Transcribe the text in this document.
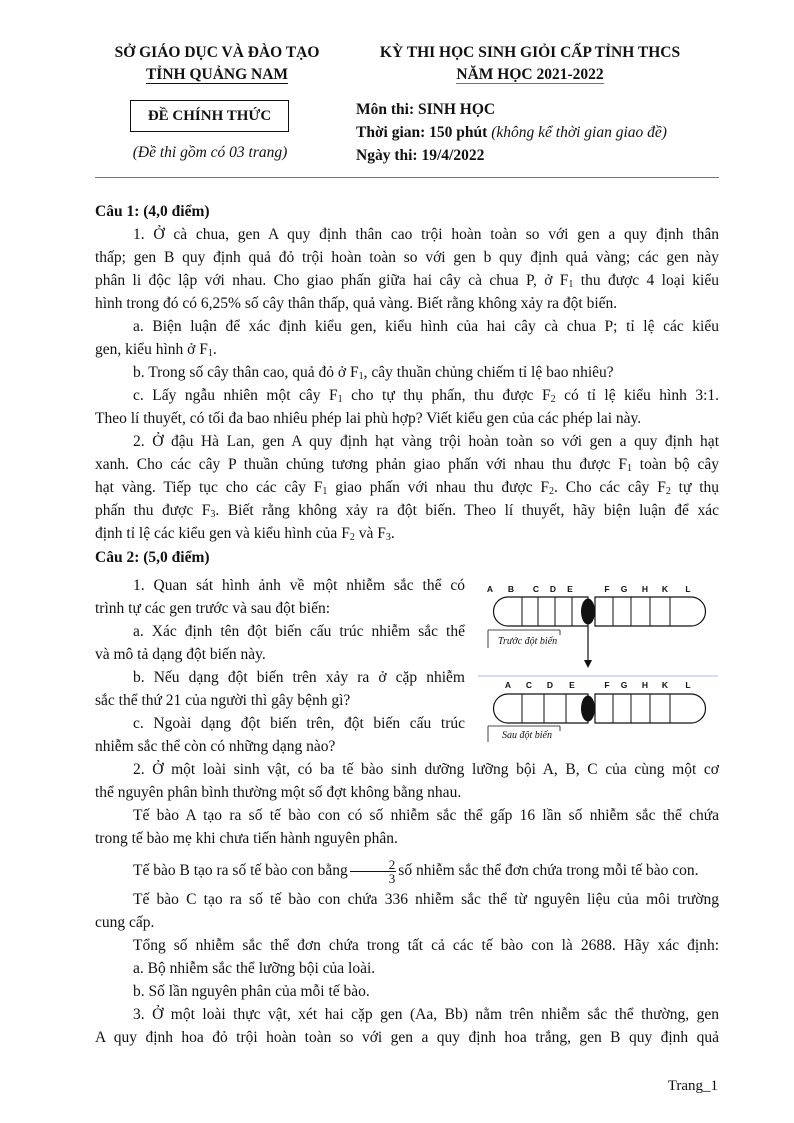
SỞ GIÁO DỤC VÀ ĐÀO TẠO
TỈNH QUẢNG NAM
KỲ THI HỌC SINH GIỎI CẤP TỈNH THCS
NĂM HỌC 2021-2022
ĐỀ CHÍNH THỨC
(Đề thi gồm có 03 trang)
Môn thi: SINH HỌC
Thời gian: 150 phút (không kể thời gian giao đề)
Ngày thi: 19/4/2022
Câu 1: (4,0 điểm)
1. Ở cà chua, gen A quy định thân cao trội hoàn toàn so với gen a quy định thân
thấp; gen B quy định quả đỏ trội hoàn toàn so với gen b quy định quả vàng; các gen này
phân li độc lập với nhau. Cho giao phấn giữa hai cây cà chua P, ở $F_1$ thu được 4 loại kiểu
hình trong đó có 6,25% số cây thân thấp, quả vàng. Biết rằng không xảy ra đột biến.
a. Biện luận để xác định kiểu gen, kiểu hình của hai cây cà chua P; tỉ lệ các kiểu
gen, kiểu hình ở $F_1$.
b. Trong số cây thân cao, quả đỏ ở $F_1$, cây thuần chủng chiếm tỉ lệ bao nhiêu?
c. Lấy ngẫu nhiên một cây $F_1$ cho tự thụ phấn, thu được $F_2$ có tỉ lệ kiểu hình 3:1.
Theo lí thuyết, có tối đa bao nhiêu phép lai phù hợp? Viết kiểu gen của các phép lai này.
2. Ở đậu Hà Lan, gen A quy định hạt vàng trội hoàn toàn so với gen a quy định hạt
xanh. Cho các cây P thuần chủng tương phản giao phấn với nhau thu được $F_1$ toàn bộ cây
hạt vàng. Tiếp tục cho các cây $F_1$ giao phấn với nhau thu được $F_2$. Cho các cây $F_2$ tự thụ
phấn thu được $F_3$. Biết rằng không xảy ra đột biến. Theo lí thuyết, hãy biện luận để xác
định tỉ lệ các kiểu gen và kiểu hình của $F_2$ và $F_3$.
Câu 2: (5,0 điểm)
1. Quan sát hình ảnh về một nhiễm sắc thể có
trình tự các gen trước và sau đột biến:
a. Xác định tên đột biến cấu trúc nhiễm sắc thể
và mô tả dạng đột biến này.
b. Nếu dạng đột biến trên xảy ra ở cặp nhiễm
sắc thể thứ 21 của người thì gây bệnh gì?
c. Ngoài dạng đột biến trên, đột biến cấu trúc
nhiễm sắc thể còn có những dạng nào?
A B C D E	F G H K L
Trước đột biến
A C D E	F G H K L
Sau đột biến
2. Ở một loài sinh vật, có ba tế bào sinh dưỡng lưỡng bội A, B, C của cùng một cơ
thể nguyên phân bình thường một số đợt không bằng nhau.
Tế bào A tạo ra số tế bào con có số nhiễm sắc thể gấp 16 lần số nhiễm sắc thể chứa
trong tế bào mẹ khi chưa tiến hành nguyên phân.
Tế bào B tạo ra số tế bào con bằng $\frac{2}{3}$ số nhiễm sắc thể đơn chứa trong mỗi tế bào con.
Tế bào C tạo ra số tế bào con chứa 336 nhiễm sắc thể từ nguyên liệu của môi trường
cung cấp.
Tổng số nhiễm sắc thể đơn chứa trong tất cả các tế bào con là 2688. Hãy xác định:
a. Bộ nhiễm sắc thể lưỡng bội của loài.
b. Số lần nguyên phân của mỗi tế bào.
3. Ở một loài thực vật, xét hai cặp gen (Aa, Bb) nằm trên nhiễm sắc thể thường, gen
A quy định hoa đỏ trội hoàn toàn so với gen a quy định hoa trắng, gen B quy định quả
Trang_1
